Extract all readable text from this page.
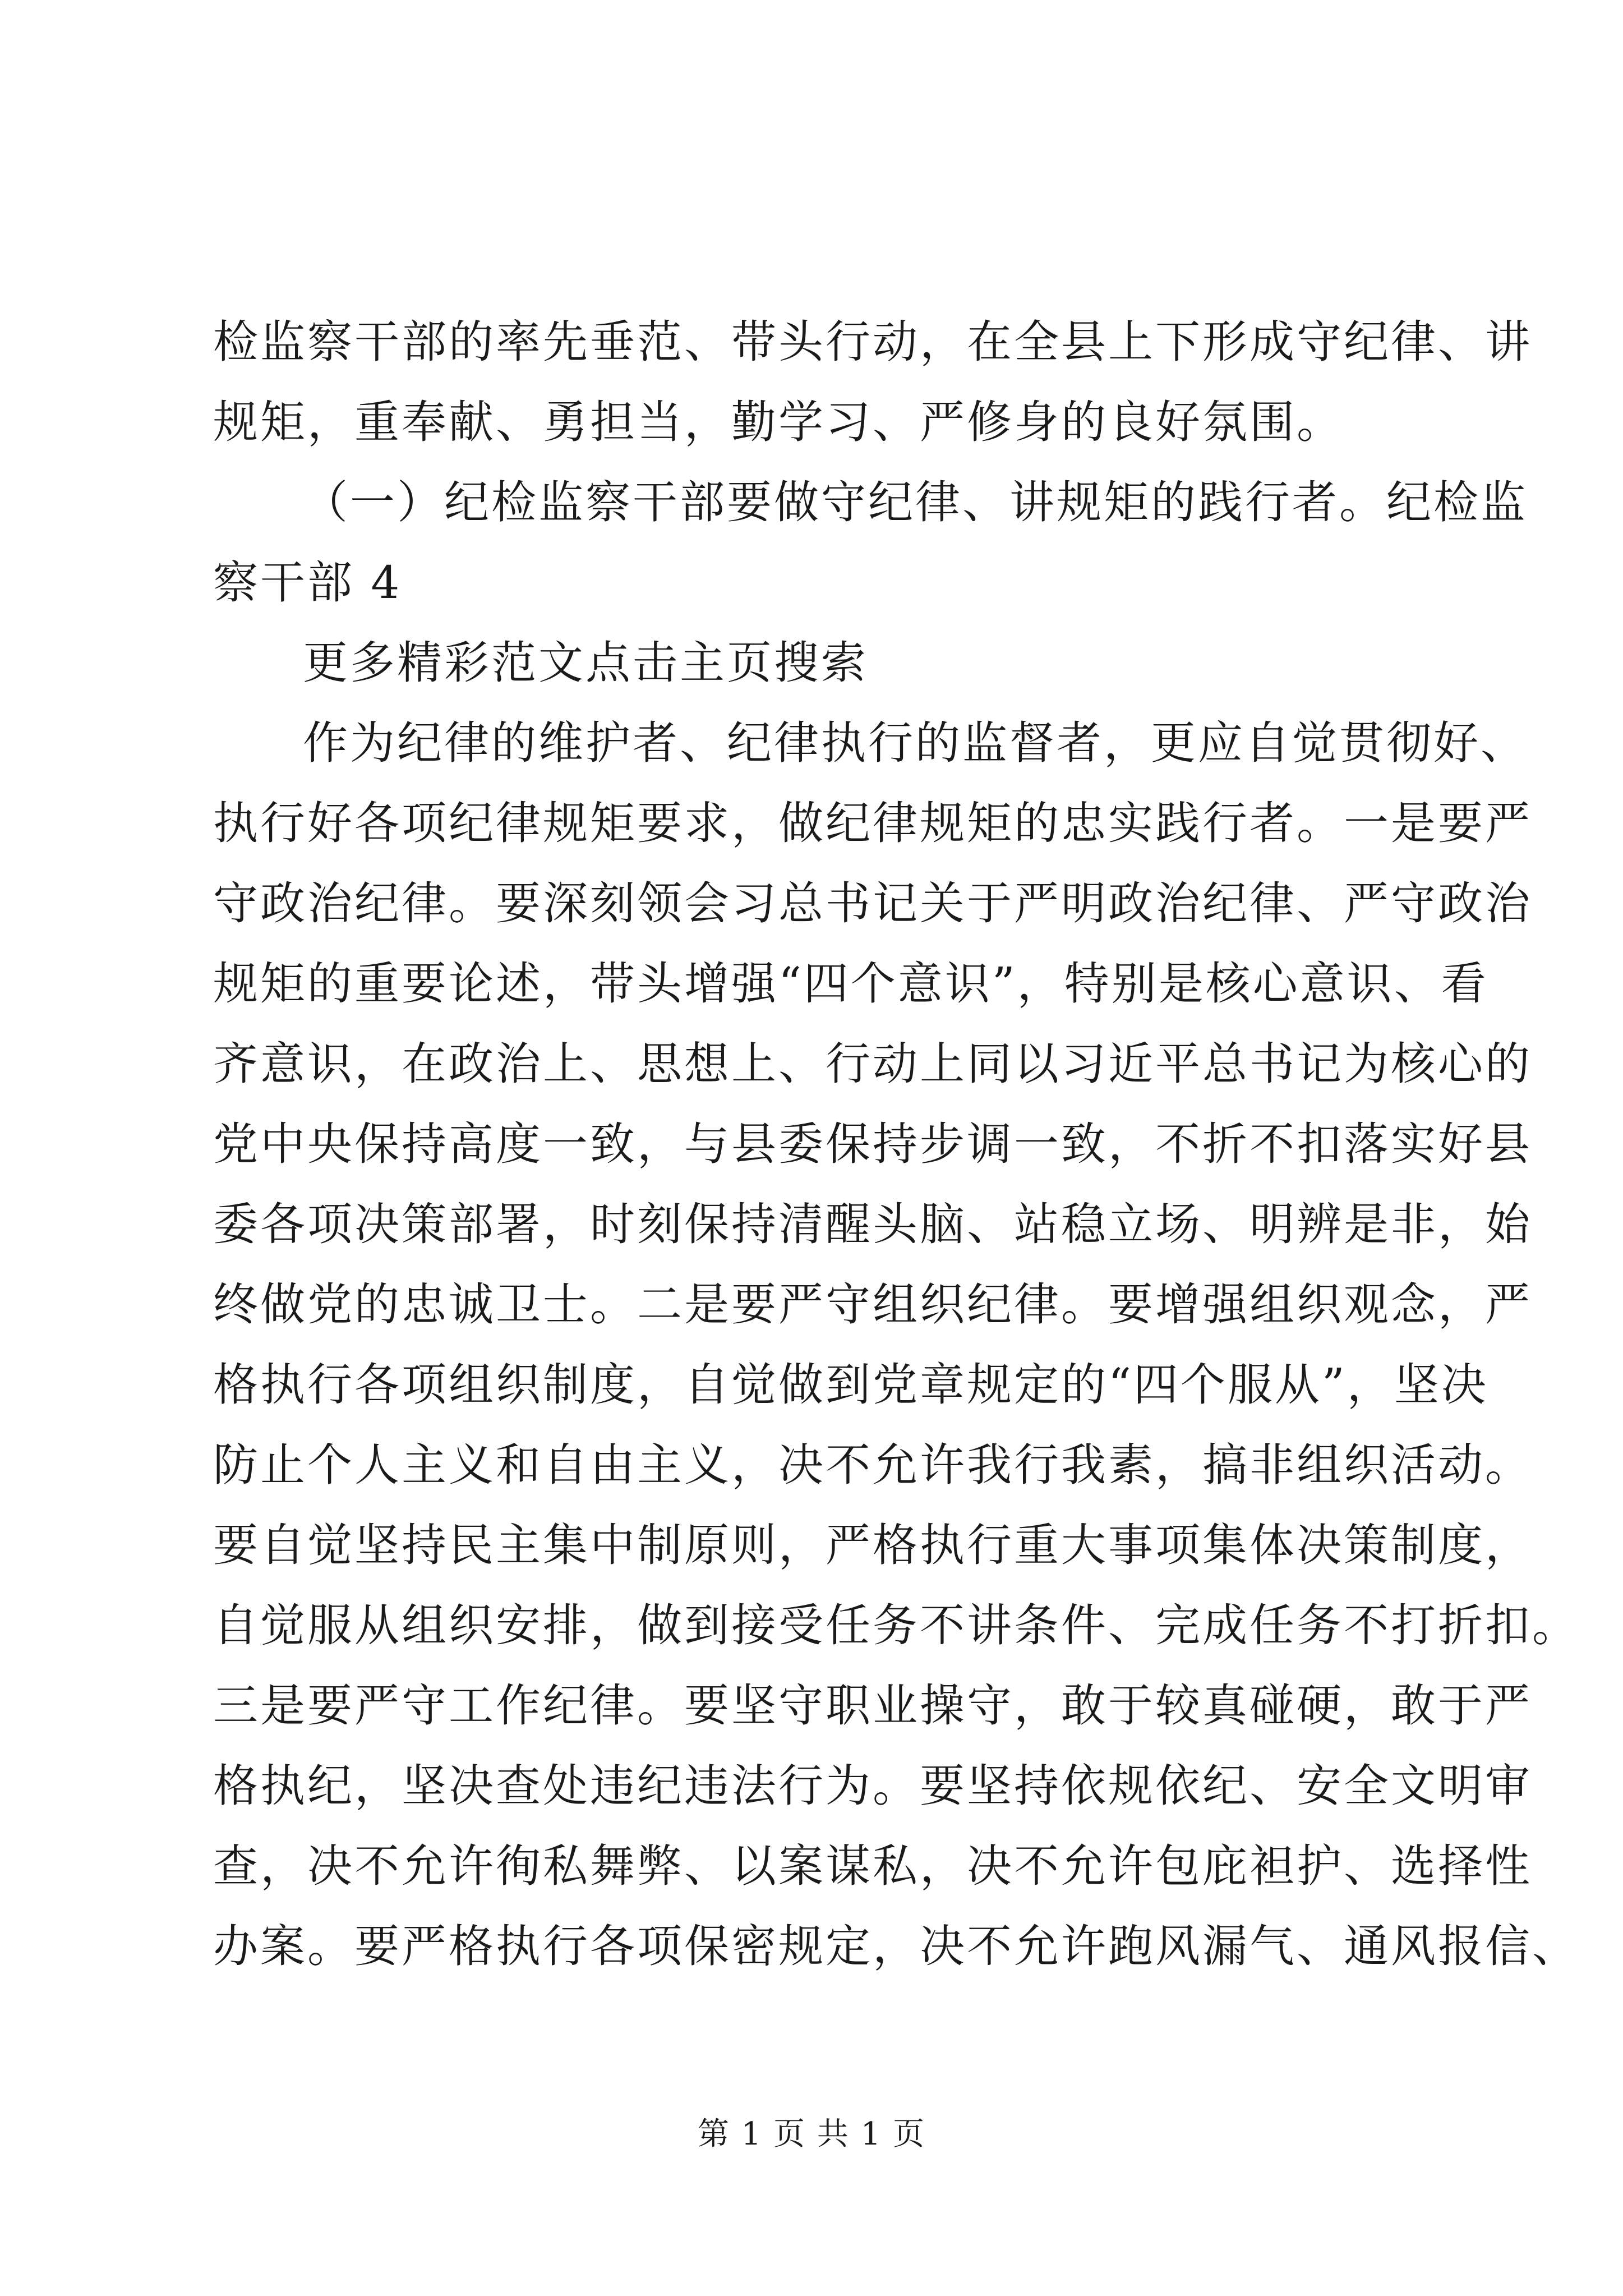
检监察干部的率先垂范、带头行动，在全县上下形成守纪律、讲
规矩，重奉献、勇担当，勤学习、严修身的良好氛围。
（一）纪检监察干部要做守纪律、讲规矩的践行者。纪检监
察干部 4
更多精彩范文点击主页搜索
作为纪律的维护者、纪律执行的监督者，更应自觉贯彻好、
执行好各项纪律规矩要求，做纪律规矩的忠实践行者。一是要严
守政治纪律。要深刻领会习总书记关于严明政治纪律、严守政治
规矩的重要论述，带头增强“四个意识”，特别是核心意识、看
齐意识，在政治上、思想上、行动上同以习近平总书记为核心的
党中央保持高度一致，与县委保持步调一致，不折不扣落实好县
委各项决策部署，时刻保持清醒头脑、站稳立场、明辨是非，始
终做党的忠诚卫士。二是要严守组织纪律。要增强组织观念，严
格执行各项组织制度，自觉做到党章规定的“四个服从”，坚决
防止个人主义和自由主义，决不允许我行我素，搞非组织活动。
要自觉坚持民主集中制原则，严格执行重大事项集体决策制度，
自觉服从组织安排，做到接受任务不讲条件、完成任务不打折扣。
三是要严守工作纪律。要坚守职业操守，敢于较真碰硬，敢于严
格执纪，坚决查处违纪违法行为。要坚持依规依纪、安全文明审
查，决不允许徇私舞弊、以案谋私，决不允许包庇袒护、选择性
办案。要严格执行各项保密规定，决不允许跑风漏气、通风报信、
第 1 页 共 1 页
